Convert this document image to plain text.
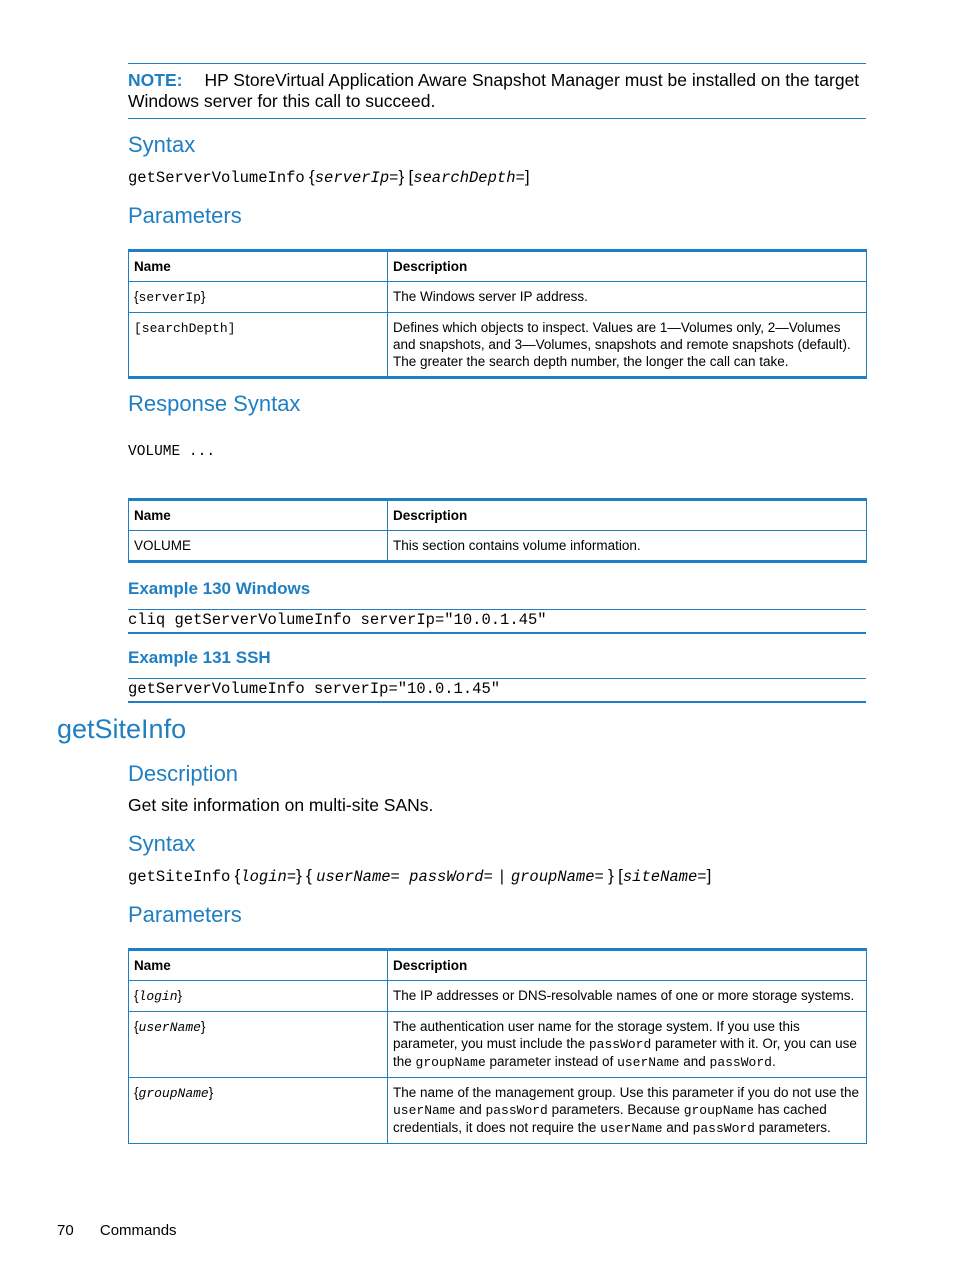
NOTE: HP StoreVirtual Application Aware Snapshot Manager must be installed on the target Windows server for this call to succeed.
Syntax
getServerVolumeInfo {serverIp=} [searchDepth=]
Parameters
Name	Description
{serverIp}	The Windows server IP address.
[searchDepth]	Defines which objects to inspect. Values are 1—Volumes only, 2—Volumes and snapshots, and 3—Volumes, snapshots and remote snapshots (default). The greater the search depth number, the longer the call can take.
Response Syntax
VOLUME ...
Name	Description
VOLUME	This section contains volume information.
Example 130 Windows
cliq getServerVolumeInfo serverIp="10.0.1.45"
Example 131 SSH
getServerVolumeInfo serverIp="10.0.1.45"
getSiteInfo
Description
Get site information on multi-site SANs.
Syntax
getSiteInfo {login=} { userName= passWord= | groupName= } [siteName=]
Parameters
Name	Description
{login}	The IP addresses or DNS-resolvable names of one or more storage systems.
{userName}	The authentication user name for the storage system. If you use this parameter, you must include the passWord parameter with it. Or, you can use the groupName parameter instead of userName and passWord.
{groupName}	The name of the management group. Use this parameter if you do not use the userName and passWord parameters. Because groupName has cached credentials, it does not require the userName and passWord parameters.
70 Commands
